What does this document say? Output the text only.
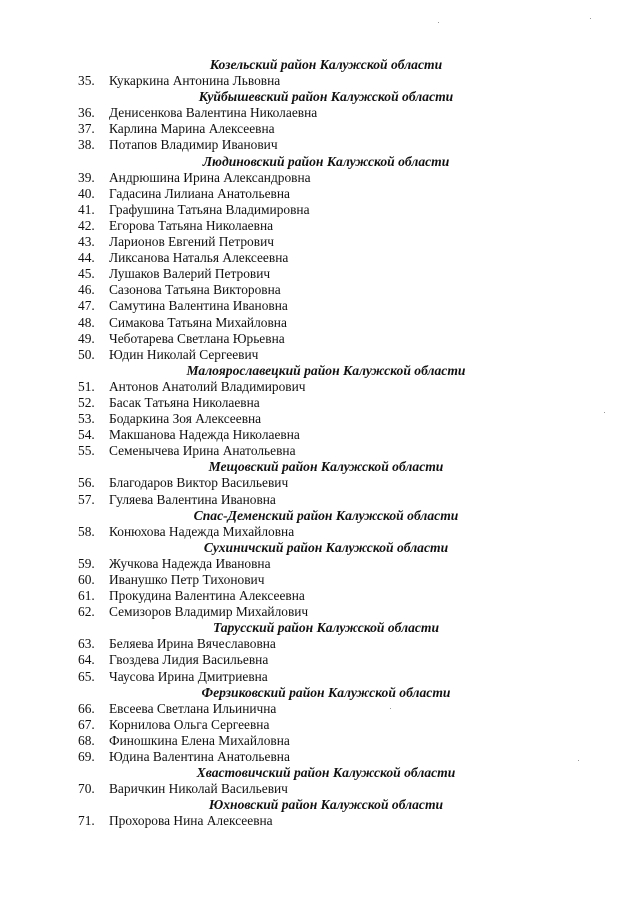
Козельский район Калужской области
35.	Кукаркина Антонина Львовна
Куйбышевский район Калужской области
36.	Денисенкова Валентина Николаевна
37.	Карлина Марина Алексеевна
38.	Потапов Владимир Иванович
Людиновский район Калужской области
39.	Андрюшина Ирина Александровна
40.	Гадасина Лилиана Анатольевна
41.	Графушина Татьяна Владимировна
42.	Егорова Татьяна Николаевна
43.	Ларионов Евгений Петрович
44.	Ликсанова Наталья Алексеевна
45.	Лушаков Валерий Петрович
46.	Сазонова Татьяна Викторовна
47.	Самутина Валентина Ивановна
48.	Симакова Татьяна Михайловна
49.	Чеботарева Светлана Юрьевна
50.	Юдин Николай Сергеевич
Малоярославецкий район Калужской области
51.	Антонов Анатолий Владимирович
52.	Басак Татьяна Николаевна
53.	Бодаркина Зоя Алексеевна
54.	Макшанова Надежда Николаевна
55.	Семенычева Ирина Анатольевна
Мещовский район Калужской области
56.	Благодаров Виктор Васильевич
57.	Гуляева Валентина Ивановна
Спас-Деменский район Калужской области
58.	Конюхова Надежда Михайловна
Сухиничский район Калужской области
59.	Жучкова Надежда Ивановна
60.	Иванушко Петр Тихонович
61.	Прокудина Валентина Алексеевна
62.	Семизоров Владимир Михайлович
Тарусский район Калужской области
63.	Беляева Ирина Вячеславовна
64.	Гвоздева Лидия Васильевна
65.	Чаусова Ирина Дмитриевна
Ферзиковский район Калужской области
66.	Евсеева Светлана Ильинична
67.	Корнилова Ольга Сергеевна
68.	Финошкина Елена Михайловна
69.	Юдина Валентина Анатольевна
Хвастовичский район Калужской области
70.	Варичкин Николай Васильевич
Юхновский район Калужской области
71.	Прохорова Нина Алексеевна
